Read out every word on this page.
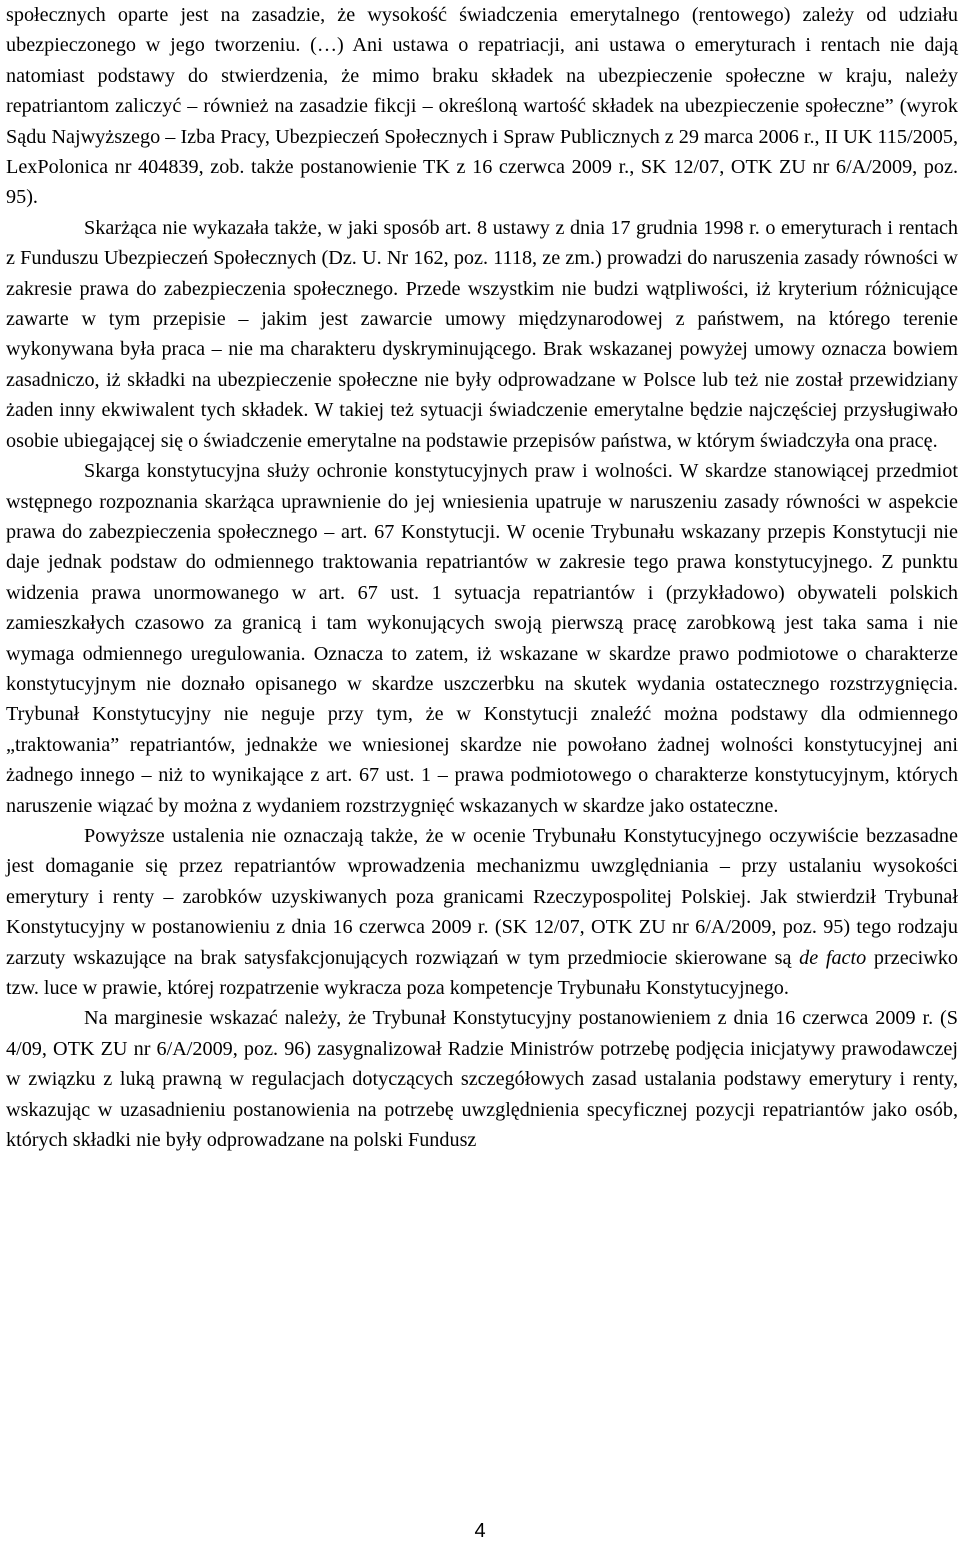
społecznych oparte jest na zasadzie, że wysokość świadczenia emerytalnego (rentowego) zależy od udziału ubezpieczonego w jego tworzeniu. (…) Ani ustawa o repatriacji, ani ustawa o emeryturach i rentach nie dają natomiast podstawy do stwierdzenia, że mimo braku składek na ubezpieczenie społeczne w kraju, należy repatriantom zaliczyć – również na zasadzie fikcji – określoną wartość składek na ubezpieczenie społeczne” (wyrok Sądu Najwyższego – Izba Pracy, Ubezpieczeń Społecznych i Spraw Publicznych z 29 marca 2006 r., II UK 115/2005, LexPolonica nr 404839, zob. także postanowienie TK z 16 czerwca 2009 r., SK 12/07, OTK ZU nr 6/A/2009, poz. 95).

Skarżąca nie wykazała także, w jaki sposób art. 8 ustawy z dnia 17 grudnia 1998 r. o emeryturach i rentach z Funduszu Ubezpieczeń Społecznych (Dz. U. Nr 162, poz. 1118, ze zm.) prowadzi do naruszenia zasady równości w zakresie prawa do zabezpieczenia społecznego. Przede wszystkim nie budzi wątpliwości, iż kryterium różnicujące zawarte w tym przepisie – jakim jest zawarcie umowy międzynarodowej z państwem, na którego terenie wykonywana była praca – nie ma charakteru dyskryminującego. Brak wskazanej powyżej umowy oznacza bowiem zasadniczo, iż składki na ubezpieczenie społeczne nie były odprowadzane w Polsce lub też nie został przewidziany żaden inny ekwiwalent tych składek. W takiej też sytuacji świadczenie emerytalne będzie najczęściej przysługiwało osobie ubiegającej się o świadczenie emerytalne na podstawie przepisów państwa, w którym świadczyła ona pracę.

Skarga konstytucyjna służy ochronie konstytucyjnych praw i wolności. W skardze stanowiącej przedmiot wstępnego rozpoznania skarżąca uprawnienie do jej wniesienia upatruje w naruszeniu zasady równości w aspekcie prawa do zabezpieczenia społecznego – art. 67 Konstytucji. W ocenie Trybunału wskazany przepis Konstytucji nie daje jednak podstaw do odmiennego traktowania repatriantów w zakresie tego prawa konstytucyjnego. Z punktu widzenia prawa unormowanego w art. 67 ust. 1 sytuacja repatriantów i (przykładowo) obywateli polskich zamieszkałych czasowo za granicą i tam wykonujących swoją pierwszą pracę zarobkową jest taka sama i nie wymaga odmiennego uregulowania. Oznacza to zatem, iż wskazane w skardze prawo podmiotowe o charakterze konstytucyjnym nie doznało opisanego w skardze uszczerbku na skutek wydania ostatecznego rozstrzygnięcia. Trybunał Konstytucyjny nie neguje przy tym, że w Konstytucji znaleźć można podstawy dla odmiennego „traktowania” repatriantów, jednakże we wniesionej skardze nie powołano żadnej wolności konstytucyjnej ani żadnego innego – niż to wynikające z art. 67 ust. 1 – prawa podmiotowego o charakterze konstytucyjnym, których naruszenie wiązać by można z wydaniem rozstrzygnięć wskazanych w skardze jako ostateczne.

Powyższe ustalenia nie oznaczają także, że w ocenie Trybunału Konstytucyjnego oczywiście bezzasadne jest domaganie się przez repatriantów wprowadzenia mechanizmu uwzględniania – przy ustalaniu wysokości emerytury i renty – zarobków uzyskiwanych poza granicami Rzeczypospolitej Polskiej. Jak stwierdził Trybunał Konstytucyjny w postanowieniu z dnia 16 czerwca 2009 r. (SK 12/07, OTK ZU nr 6/A/2009, poz. 95) tego rodzaju zarzuty wskazujące na brak satysfakcjonujących rozwiązań w tym przedmiocie skierowane są de facto przeciwko tzw. luce w prawie, której rozpatrzenie wykracza poza kompetencje Trybunału Konstytucyjnego.

Na marginesie wskazać należy, że Trybunał Konstytucyjny postanowieniem z dnia 16 czerwca 2009 r. (S 4/09, OTK ZU nr 6/A/2009, poz. 96) zasygnalizował Radzie Ministrów potrzebę podjęcia inicjatywy prawodawczej w związku z luką prawną w regulacjach dotyczących szczegółowych zasad ustalania podstawy emerytury i renty, wskazując w uzasadnieniu postanowienia na potrzebę uwzględnienia specyficznej pozycji repatriantów jako osób, których składki nie były odprowadzane na polski Fundusz

4
